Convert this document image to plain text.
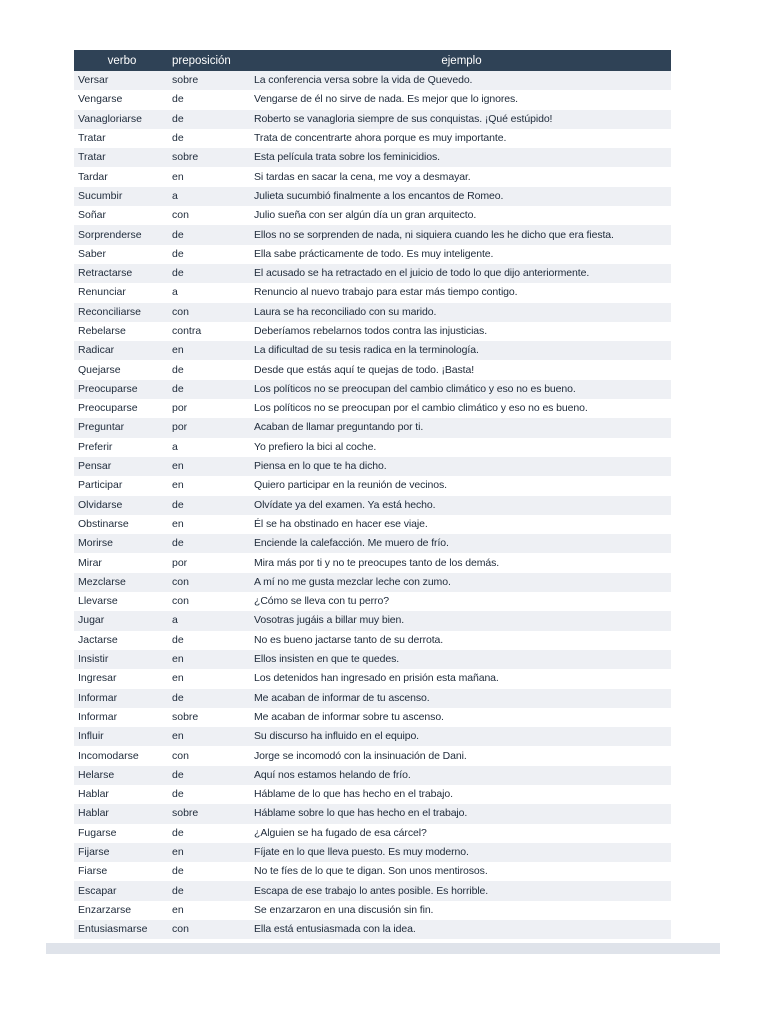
verbo	preposición	ejemplo
Versar	sobre	La conferencia versa sobre la vida de Quevedo.
Vengarse	de	Vengarse de él no sirve de nada. Es mejor que lo ignores.
Vanagloriarse	de	Roberto se vanagloria siempre de sus conquistas. ¡Qué estúpido!
Tratar	de	Trata de concentrarte ahora porque es muy importante.
Tratar	sobre	Esta película trata sobre los feminicidios.
Tardar	en	Si tardas en sacar la cena, me voy a desmayar.
Sucumbir	a	Julieta sucumbió finalmente a los encantos de Romeo.
Soñar	con	Julio sueña con ser algún día un gran arquitecto.
Sorprenderse	de	Ellos no se sorprenden de nada, ni siquiera cuando les he dicho que era fiesta.
Saber	de	Ella sabe prácticamente de todo. Es muy inteligente.
Retractarse	de	El acusado se ha retractado en el juicio de todo lo que dijo anteriormente.
Renunciar	a	Renuncio al nuevo trabajo para estar más tiempo contigo.
Reconciliarse	con	Laura se ha reconciliado con su marido.
Rebelarse	contra	Deberíamos rebelarnos todos contra las injusticias.
Radicar	en	La dificultad de su tesis radica en la terminología.
Quejarse	de	Desde que estás aquí te quejas de todo. ¡Basta!
Preocuparse	de	Los políticos no se preocupan del cambio climático y eso no es bueno.
Preocuparse	por	Los políticos no se preocupan por el cambio climático y eso no es bueno.
Preguntar	por	Acaban de llamar preguntando por ti.
Preferir	a	Yo prefiero la bici al coche.
Pensar	en	Piensa en lo que te ha dicho.
Participar	en	Quiero participar en la reunión de vecinos.
Olvidarse	de	Olvídate ya del examen. Ya está hecho.
Obstinarse	en	Él se ha obstinado en hacer ese viaje.
Morirse	de	Enciende la calefacción. Me muero de frío.
Mirar	por	Mira más por ti y no te preocupes tanto de los demás.
Mezclarse	con	A mí no me gusta mezclar leche con zumo.
Llevarse	con	¿Cómo se lleva con tu perro?
Jugar	a	Vosotras jugáis a billar muy bien.
Jactarse	de	No es bueno jactarse tanto de su derrota.
Insistir	en	Ellos insisten en que te quedes.
Ingresar	en	Los detenidos han ingresado en prisión esta mañana.
Informar	de	Me acaban de informar de tu ascenso.
Informar	sobre	Me acaban de informar sobre tu ascenso.
Influir	en	Su discurso ha influido en el equipo.
Incomodarse	con	Jorge se incomodó con la insinuación de Dani.
Helarse	de	Aquí nos estamos helando de frío.
Hablar	de	Háblame de lo que has hecho en el trabajo.
Hablar	sobre	Háblame sobre lo que has hecho en el trabajo.
Fugarse	de	¿Alguien se ha fugado de esa cárcel?
Fijarse	en	Fíjate en lo que lleva puesto. Es muy moderno.
Fiarse	de	No te fíes de lo que te digan. Son unos mentirosos.
Escapar	de	Escapa de ese trabajo lo antes posible. Es horrible.
Enzarzarse	en	Se enzarzaron en una discusión sin fin.
Entusiasmarse	con	Ella está entusiasmada con la idea.
